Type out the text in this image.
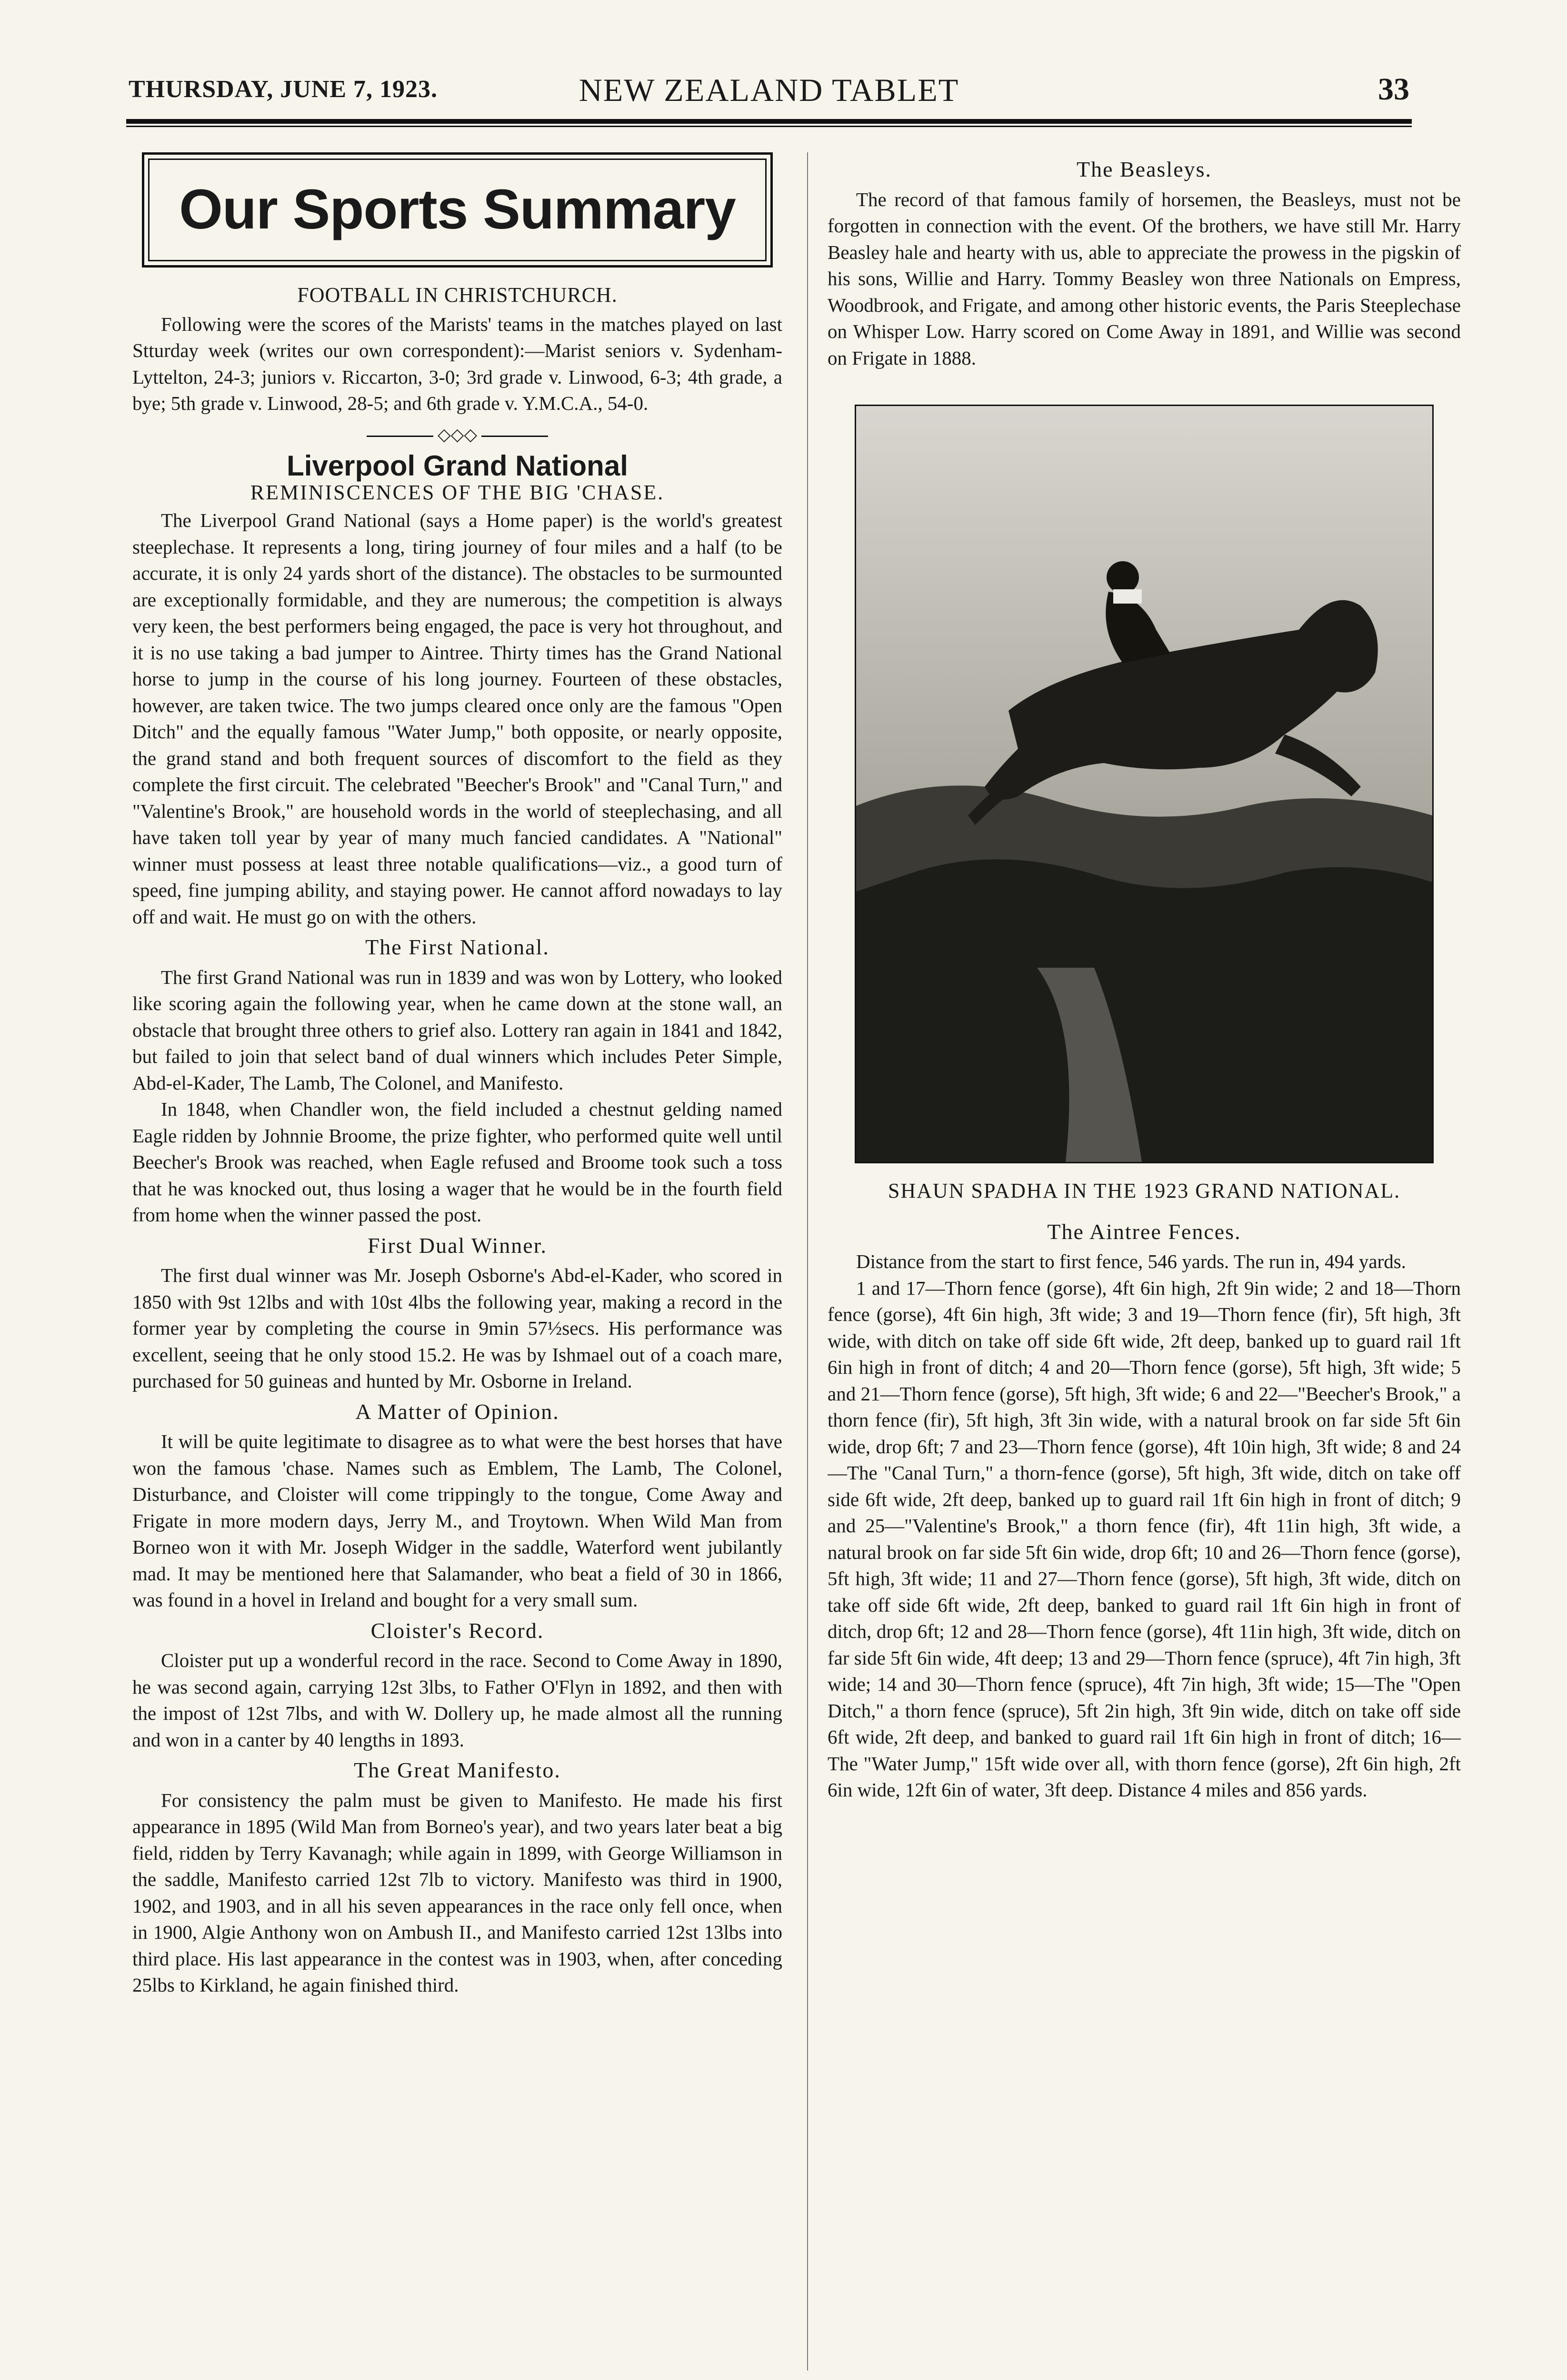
THURSDAY, JUNE 7, 1923.	NEW ZEALAND TABLET	33
Our Sports Summary
FOOTBALL IN CHRISTCHURCH.

Following were the scores of the Marists' teams in the matches played on last Stturday week (writes our own correspondent):—Marist seniors v. Sydenham-Lyttelton, 24-3; juniors v. Riccarton, 3-0; 3rd grade v. Linwood, 6-3; 4th grade, a bye; 5th grade v. Linwood, 28-5; and 6th grade v. Y.M.C.A., 54-0.

◇◇◇
Liverpool Grand National
REMINISCENCES OF THE BIG 'CHASE.

The Liverpool Grand National (says a Home paper) is the world's greatest steeplechase. It represents a long, tiring journey of four miles and a half (to be accurate, it is only 24 yards short of the distance). The obstacles to be surmounted are exceptionally formidable, and they are numerous; the competition is always very keen, the best performers being engaged, the pace is very hot throughout, and it is no use taking a bad jumper to Aintree. Thirty times has the Grand National horse to jump in the course of his long journey. Fourteen of these obstacles, however, are taken twice. The two jumps cleared once only are the famous "Open Ditch" and the equally famous "Water Jump," both opposite, or nearly opposite, the grand stand and both frequent sources of discomfort to the field as they complete the first circuit. The celebrated "Beecher's Brook" and "Canal Turn," and "Valentine's Brook," are household words in the world of steeplechasing, and all have taken toll year by year of many much fancied candidates. A "National" winner must possess at least three notable qualifications—viz., a good turn of speed, fine jumping ability, and staying power. He cannot afford nowadays to lay off and wait. He must go on with the others.

The First National.

The first Grand National was run in 1839 and was won by Lottery, who looked like scoring again the following year, when he came down at the stone wall, an obstacle that brought three others to grief also. Lottery ran again in 1841 and 1842, but failed to join that select band of dual winners which includes Peter Simple, Abd-el-Kader, The Lamb, The Colonel, and Manifesto.

In 1848, when Chandler won, the field included a chestnut gelding named Eagle ridden by Johnnie Broome, the prize fighter, who performed quite well until Beecher's Brook was reached, when Eagle refused and Broome took such a toss that he was knocked out, thus losing a wager that he would be in the fourth field from home when the winner passed the post.

First Dual Winner.

The first dual winner was Mr. Joseph Osborne's Abd-el-Kader, who scored in 1850 with 9st 12lbs and with 10st 4lbs the following year, making a record in the former year by completing the course in 9min 57½secs. His performance was excellent, seeing that he only stood 15.2. He was by Ishmael out of a coach mare, purchased for 50 guineas and hunted by Mr. Osborne in Ireland.

A Matter of Opinion.

It will be quite legitimate to disagree as to what were the best horses that have won the famous 'chase. Names such as Emblem, The Lamb, The Colonel, Disturbance, and Cloister will come trippingly to the tongue, Come Away and Frigate in more modern days, Jerry M., and Troytown. When Wild Man from Borneo won it with Mr. Joseph Widger in the saddle, Waterford went jubilantly mad. It may be mentioned here that Salamander, who beat a field of 30 in 1866, was found in a hovel in Ireland and bought for a very small sum.

Cloister's Record.

Cloister put up a wonderful record in the race. Second to Come Away in 1890, he was second again, carrying 12st 3lbs, to Father O'Flyn in 1892, and then with the impost of 12st 7lbs, and with W. Dollery up, he made almost all the running and won in a canter by 40 lengths in 1893.

The Great Manifesto.

For consistency the palm must be given to Manifesto. He made his first appearance in 1895 (Wild Man from Borneo's year), and two years later beat a big field, ridden by Terry Kavanagh; while again in 1899, with George Williamson in the saddle, Manifesto carried 12st 7lb to victory. Manifesto was third in 1900, 1902, and 1903, and in all his seven appearances in the race only fell once, when in 1900, Algie Anthony won on Ambush II., and Manifesto carried 12st 13lbs into third place. His last appearance in the contest was in 1903, when, after conceding 25lbs to Kirkland, he again finished third.

The Beasleys.

The record of that famous family of horsemen, the Beasleys, must not be forgotten in connection with the event. Of the brothers, we have still Mr. Harry Beasley hale and hearty with us, able to appreciate the prowess in the pigskin of his sons, Willie and Harry. Tommy Beasley won three Nationals on Empress, Woodbrook, and Frigate, and among other historic events, the Paris Steeplechase on Whisper Low. Harry scored on Come Away in 1891, and Willie was second on Frigate in 1888.

SHAUN SPADHA IN THE 1923 GRAND NATIONAL.
The Aintree Fences.

Distance from the start to first fence, 546 yards. The run in, 494 yards.

1 and 17—Thorn fence (gorse), 4ft 6in high, 2ft 9in wide; 2 and 18—Thorn fence (gorse), 4ft 6in high, 3ft wide; 3 and 19—Thorn fence (fir), 5ft high, 3ft wide, with ditch on take off side 6ft wide, 2ft deep, banked up to guard rail 1ft 6in high in front of ditch; 4 and 20—Thorn fence (gorse), 5ft high, 3ft wide; 5 and 21—Thorn fence (gorse), 5ft high, 3ft wide; 6 and 22—"Beecher's Brook," a thorn fence (fir), 5ft high, 3ft 3in wide, with a natural brook on far side 5ft 6in wide, drop 6ft; 7 and 23—Thorn fence (gorse), 4ft 10in high, 3ft wide; 8 and 24—The "Canal Turn," a thorn-fence (gorse), 5ft high, 3ft wide, ditch on take off side 6ft wide, 2ft deep, banked up to guard rail 1ft 6in high in front of ditch; 9 and 25—"Valentine's Brook," a thorn fence (fir), 4ft 11in high, 3ft wide, a natural brook on far side 5ft 6in wide, drop 6ft; 10 and 26—Thorn fence (gorse), 5ft high, 3ft wide; 11 and 27—Thorn fence (gorse), 5ft high, 3ft wide, ditch on take off side 6ft wide, 2ft deep, banked to guard rail 1ft 6in high in front of ditch, drop 6ft; 12 and 28—Thorn fence (gorse), 4ft 11in high, 3ft wide, ditch on far side 5ft 6in wide, 4ft deep; 13 and 29—Thorn fence (spruce), 4ft 7in high, 3ft wide; 14 and 30—Thorn fence (spruce), 4ft 7in high, 3ft wide; 15—The "Open Ditch," a thorn fence (spruce), 5ft 2in high, 3ft 9in wide, ditch on take off side 6ft wide, 2ft deep, and banked to guard rail 1ft 6in high in front of ditch; 16—The "Water Jump," 15ft wide over all, with thorn fence (gorse), 2ft 6in high, 2ft 6in wide, 12ft 6in of water, 3ft deep. Distance 4 miles and 856 yards.
